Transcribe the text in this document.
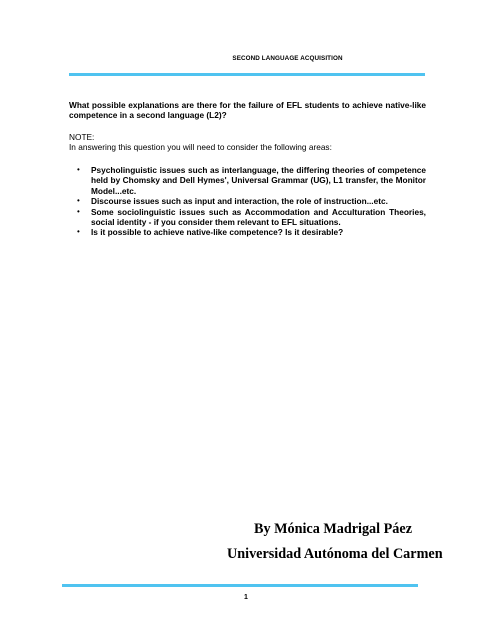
SECOND LANGUAGE ACQUISITION
What possible explanations are there for the failure of EFL students to achieve native-like competence in a second language (L2)?
NOTE:
In answering this question you will need to consider the following areas:
• Psycholinguistic issues such as interlanguage, the differing theories of competence held by Chomsky and Dell Hymes', Universal Grammar (UG), L1 transfer, the Monitor Model...etc.
• Discourse issues such as input and interaction, the role of instruction...etc.
• Some sociolinguistic issues such as Accommodation and Acculturation Theories, social identity - if you consider them relevant to EFL situations.
• Is it possible to achieve native-like competence? Is it desirable?
By Mónica Madrigal Páez
Universidad Autónoma del Carmen
1
